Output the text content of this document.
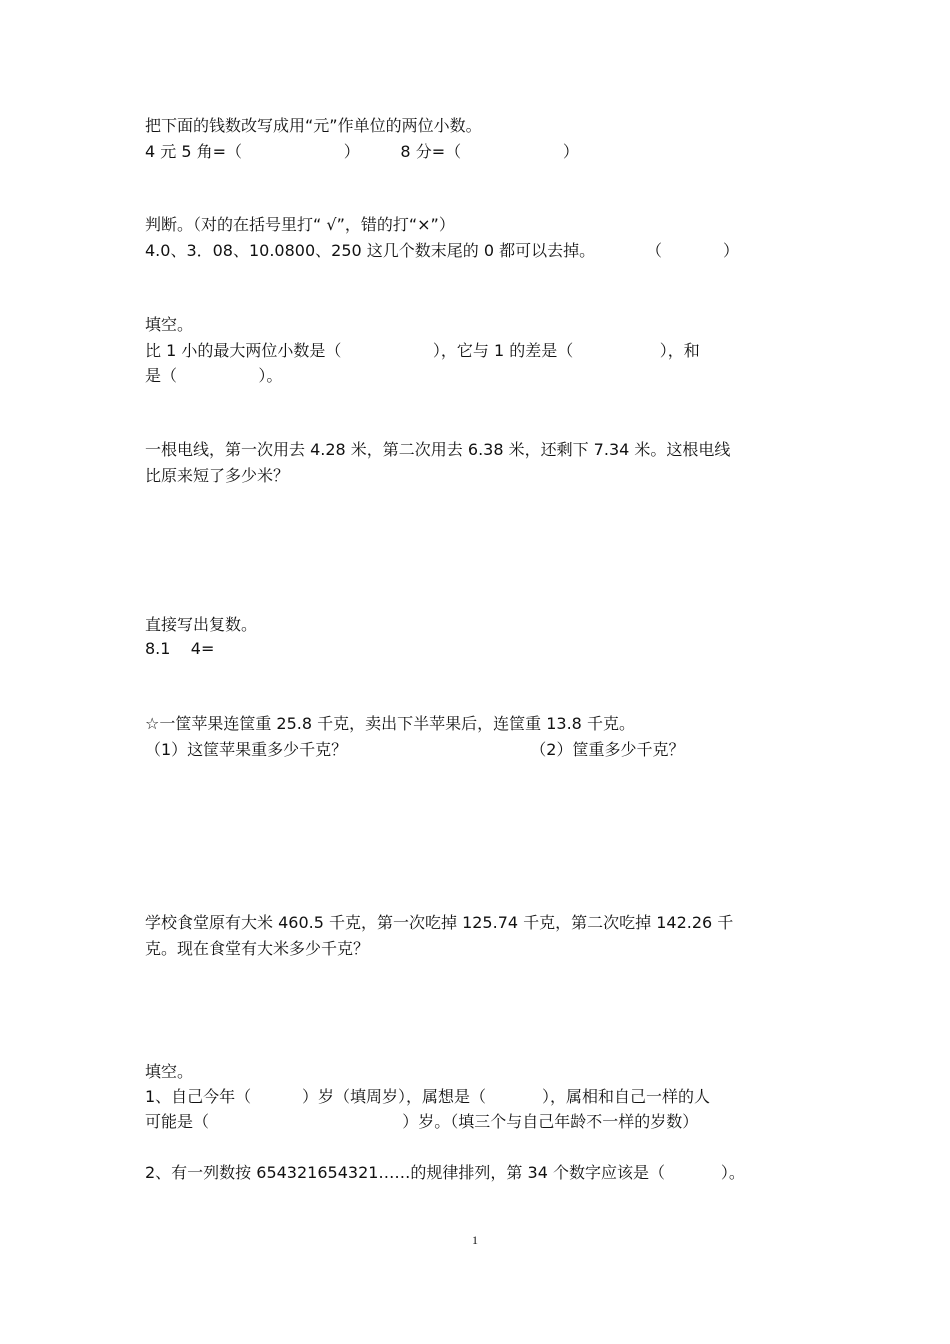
把下面的钱数改写成用“元”作单位的两位小数。
4 元 5 角=（                    ）        8 分=（                    ）
判断。（对的在括号里打“ √”，错的打“×”）
4.0、3．08、10.0800、250 这几个数末尾的 0 都可以去掉。          （            ）
填空。
比 1 小的最大两位小数是（                  ），它与 1 的差是（                 ），和
是（                ）。
一根电线，第一次用去 4.28 米，第二次用去 6.38 米，还剩下 7.34 米。这根电线
比原来短了多少米？
直接写出复数。
8.1    4=
☆一筐苹果连筐重 25.8 千克，卖出下半苹果后，连筐重 13.8 千克。
（1）这筐苹果重多少千克？                                    （2）筐重多少千克？
学校食堂原有大米 460.5 千克，第一次吃掉 125.74 千克，第二次吃掉 142.26 千
克。现在食堂有大米多少千克？
填空。
1、自己今年（          ）岁（填周岁），属想是（           ），属相和自己一样的人
可能是（                                      ）岁。（填三个与自己年龄不一样的岁数）
2、有一列数按 654321654321……的规律排列，第 34 个数字应该是（           ）。
1
